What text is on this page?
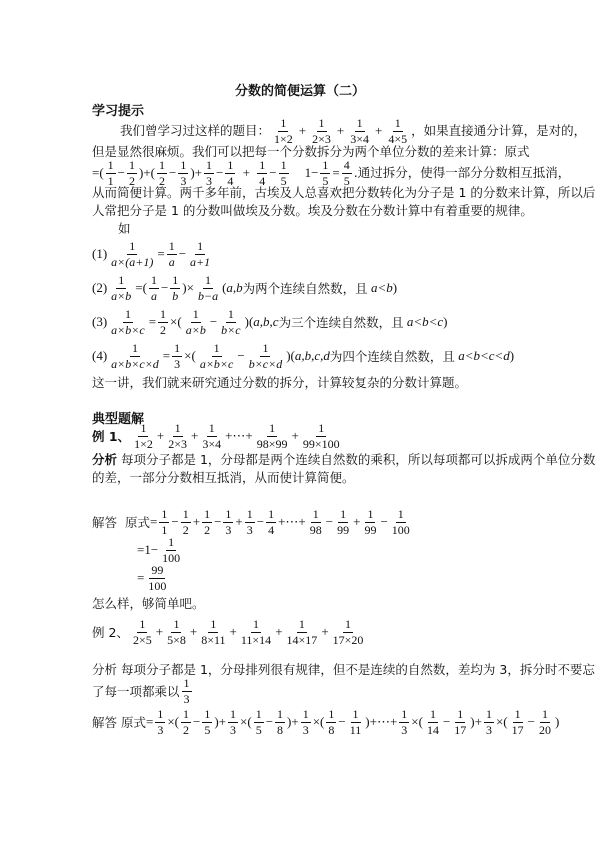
分数的简便运算（二）
学习提示
我们曾学习过这样的题目： $\frac{1}{1\times 2} + \frac{1}{2\times 3} + \frac{1}{3\times 4} + \frac{1}{4\times 5}$ ，如果直接通分计算，是对的，
但是显然很麻烦。我们可以把每一个分数拆分为两个单位分数的差来计算：原式
=( $\frac{1}{1} - \frac{1}{2}$ )+( $\frac{1}{2} - \frac{1}{3}$ )+ $\frac{1}{3} - \frac{1}{4} + \frac{1}{4} - \frac{1}{5} 1- \frac{1}{5} = \frac{4}{5}$ .通过拆分，使得一部分分数相互抵消，
从而简便计算。两千多年前，古埃及人总喜欢把分数转化为分子是 1 的分数来计算，所以后
人常把分子是 1 的分数叫做埃及分数。埃及分数在分数计算中有着重要的规律。
如
$(1) \frac{1}{a\times(a+1)} = \frac{1}{a} - \frac{1}{a+1}$
$(2) \frac{1}{a\times b}$ =( $\frac{1}{a} - \frac{1}{b}$ )× $\frac{1}{b-a}$ ( a,b 为两个连续自然数，且 a<b )
$(3) \frac{1}{a\times b\times c} = \frac{1}{2}$ ×( $\frac{1}{a\times b} - \frac{1}{b\times c}$ )( a,b,c 为三个连续自然数，且 a<b<c )
$(4) \frac{1}{a\times b\times c\times d} = \frac{1}{3}$ ×( $\frac{1}{a\times b\times c} - \frac{1}{b\times c\times d}$ )( a,b,c,d 为四个连续自然数，且 a<b<c<d )
这一讲，我们就来研究通过分数的拆分，计算较复杂的分数计算题。
典型题解
例 1、 $\frac{1}{1\times 2} + \frac{1}{2\times 3} + \frac{1}{3\times 4}$ +⋯+ $\frac{1}{98\times 99} + \frac{1}{99\times 100}$
分析 每项分子都是 1，分母都是两个连续自然数的乘积，所以每项都可以拆成两个单位分数
的差，一部分分数相互抵消，从而使计算简便。
解答 原式 = $\frac{1}{1} - \frac{1}{2} + \frac{1}{2} - \frac{1}{3} + \frac{1}{3} - \frac{1}{4}$ +⋯+ $\frac{1}{98} - \frac{1}{99} + \frac{1}{99} - \frac{1}{100}$
$=1- \frac{1}{100}$
= $\frac{99}{100}$
怎么样，够简单吧。
例 2、 $\frac{1}{2\times 5} + \frac{1}{5\times 8} + \frac{1}{8\times 11} + \frac{1}{11\times 14} + \frac{1}{14\times 17} + \frac{1}{17\times 20}$
分析 每项分子都是 1，分母排列很有规律，但不是连续的自然数，差均为 3，拆分时不要忘
了每一项都乘以 $\frac{1}{3}$
解答 原式 = $\frac{1}{3}$ ×( $\frac{1}{2} - \frac{1}{5}$ )+ $\frac{1}{3}$ ×( $\frac{1}{5} - \frac{1}{8}$ )+ $\frac{1}{3}$ ×( $\frac{1}{8} - \frac{1}{11}$ )+⋯+ $\frac{1}{3}$ ×( $\frac{1}{14} - \frac{1}{17}$ )+ $\frac{1}{3}$ ×( $\frac{1}{17} - \frac{1}{20}$ )
